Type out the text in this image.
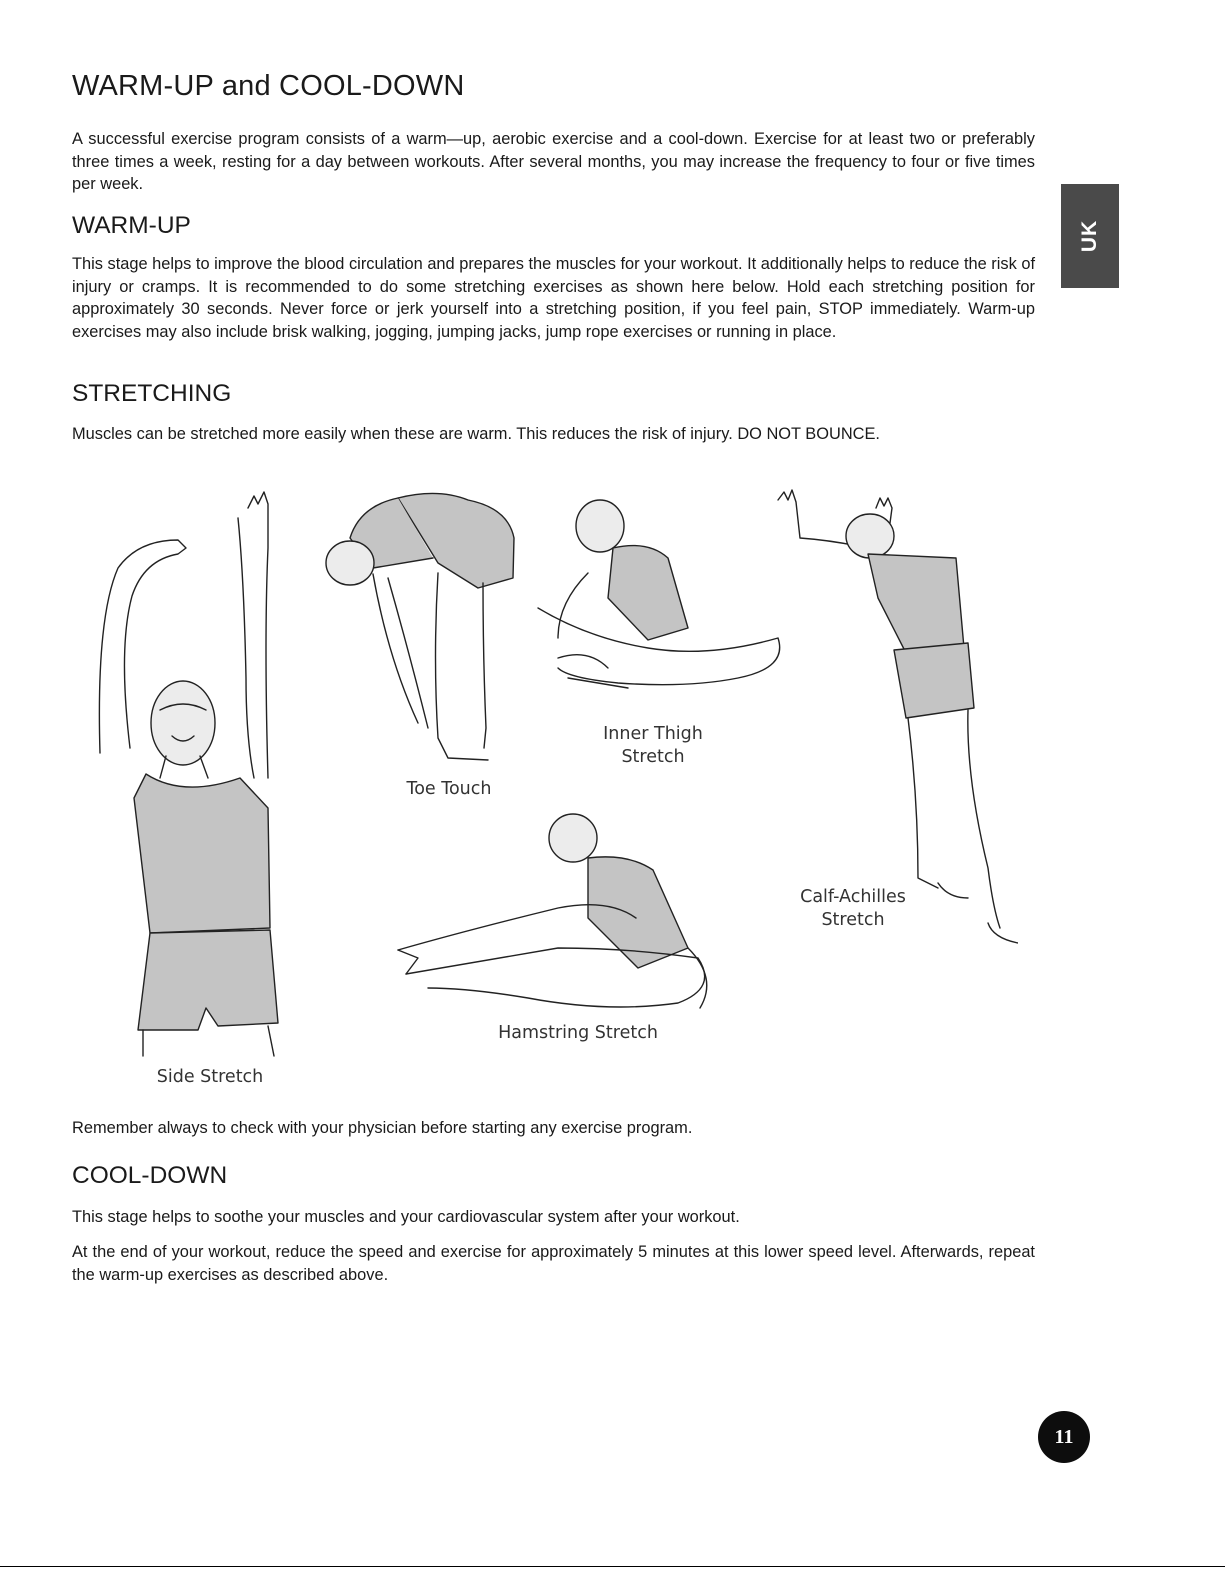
WARM-UP and COOL-DOWN

A successful exercise program consists of a warm—up, aerobic exercise and a cool-down. Exercise for at least two or preferably three times a week, resting for a day between workouts. After several months, you may increase the frequency to four or five times per week.

WARM-UP

This stage helps to improve the blood circulation and prepares the muscles for your workout. It additionally helps to reduce the risk of injury or cramps. It is recommended to do some stretching exercises as shown here below. Hold each stretching position for approximately 30 seconds. Never force or jerk yourself into a stretching position, if you feel pain, STOP immediately. Warm-up exercises may also include brisk walking, jogging, jumping jacks, jump rope exercises or running in place.

STRETCHING

Muscles can be stretched more easily when these are warm. This reduces the risk of injury. DO NOT BOUNCE.

UK
Side Stretch
Toe Touch
Inner Thigh
Stretch
Calf-Achilles
Stretch
Hamstring Stretch

Remember always to check with your physician before starting any exercise program.

COOL-DOWN

This stage helps to soothe your muscles and your cardiovascular system after your workout.

At the end of your workout, reduce the speed and exercise for approximately 5 minutes at this lower speed level. Afterwards, repeat the warm-up exercises as described above.

11
